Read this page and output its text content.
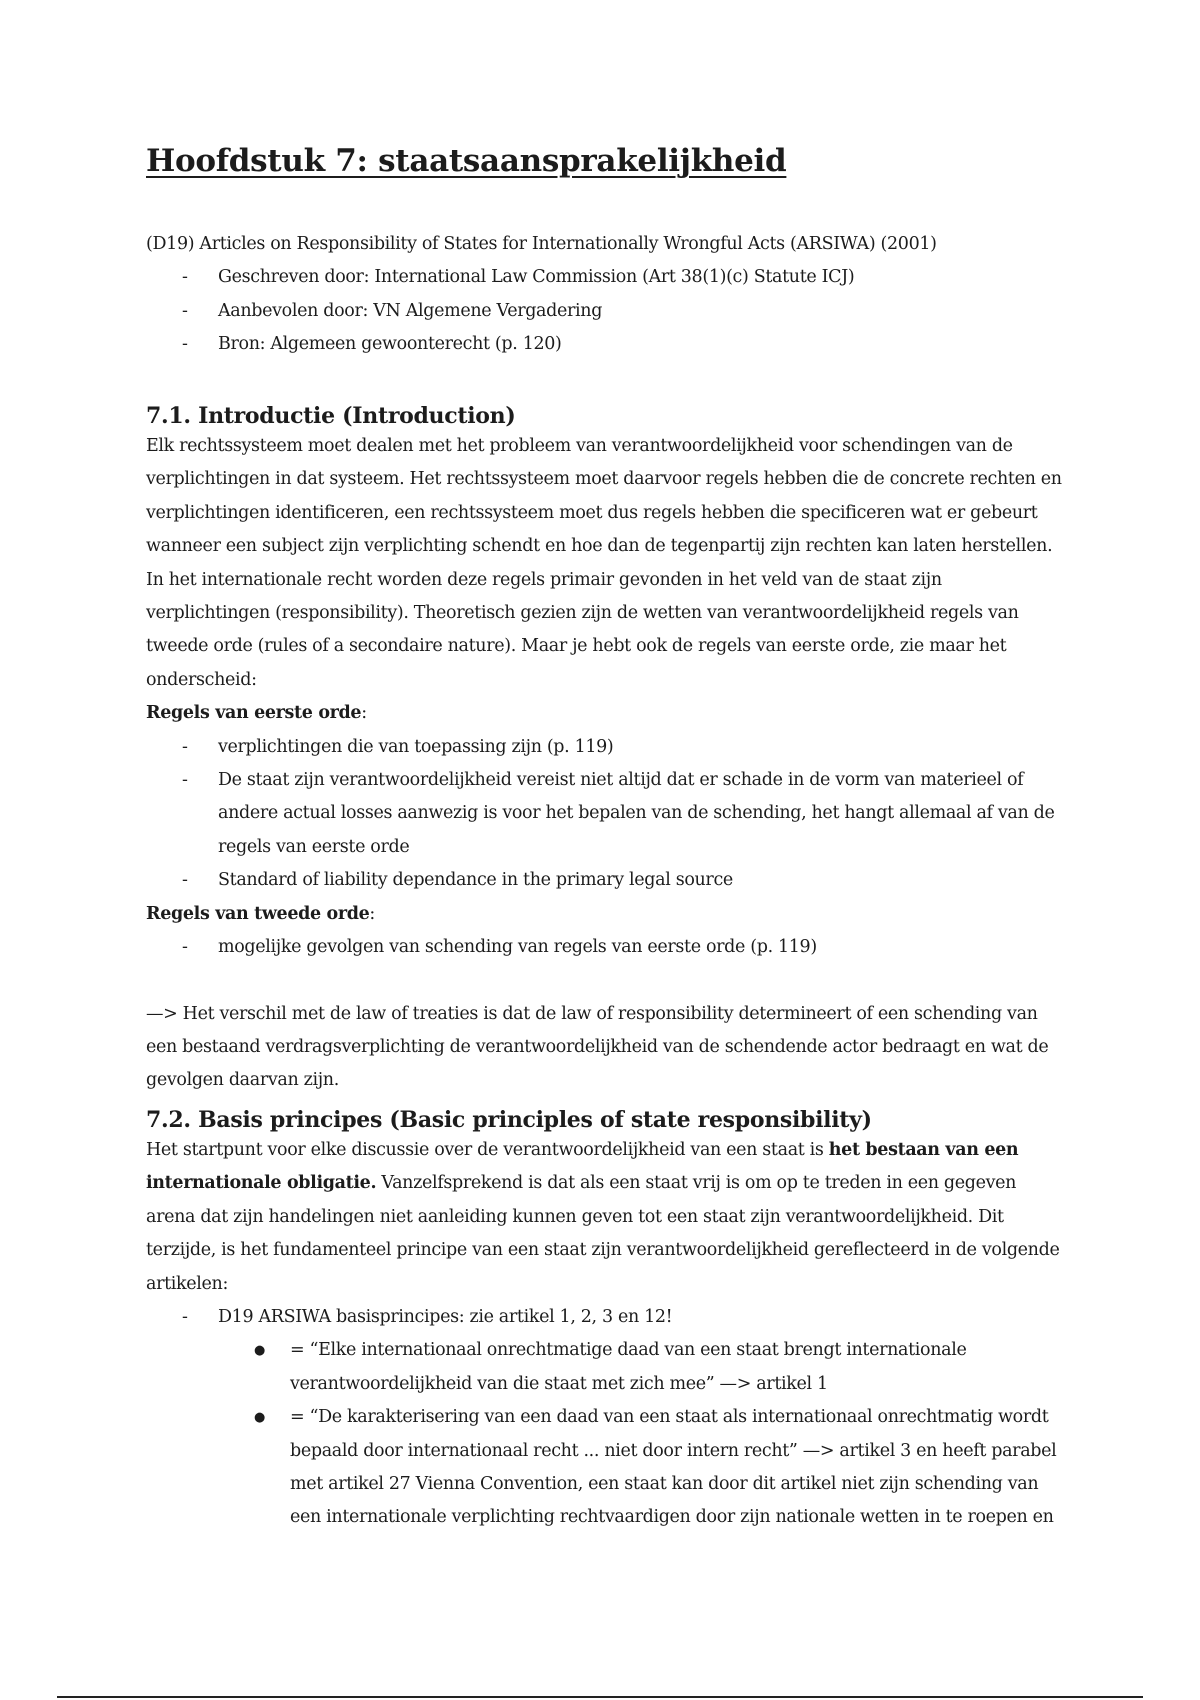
Hoofdstuk 7: staatsaansprakelijkheid
(D19) Articles on Responsibility of States for Internationally Wrongful Acts (ARSIWA) (2001)
- Geschreven door: International Law Commission (Art 38(1)(c) Statute ICJ)
- Aanbevolen door: VN Algemene Vergadering
- Bron: Algemeen gewoonterecht (p. 120)
7.1. Introductie (Introduction)

Elk rechtssysteem moet dealen met het probleem van verantwoordelijkheid voor schendingen van de verplichtingen in dat systeem. Het rechtssysteem moet daarvoor regels hebben die de concrete rechten en verplichtingen identificeren, een rechtssysteem moet dus regels hebben die specificeren wat er gebeurt wanneer een subject zijn verplichting schendt en hoe dan de tegenpartij zijn rechten kan laten herstellen. In het internationale recht worden deze regels primair gevonden in het veld van de staat zijn verplichtingen (responsibility). Theoretisch gezien zijn de wetten van verantwoordelijkheid regels van tweede orde (rules of a secondaire nature). Maar je hebt ook de regels van eerste orde, zie maar het onderscheid:

Regels van eerste orde:
- verplichtingen die van toepassing zijn (p. 119)
- De staat zijn verantwoordelijkheid vereist niet altijd dat er schade in de vorm van materieel of andere actual losses aanwezig is voor het bepalen van de schending, het hangt allemaal af van de regels van eerste orde
- Standard of liability dependance in the primary legal source
Regels van tweede orde:
- mogelijke gevolgen van schending van regels van eerste orde (p. 119)

—> Het verschil met de law of treaties is dat de law of responsibility determineert of een schending van een bestaand verdragsverplichting de verantwoordelijkheid van de schendende actor bedraagt en wat de gevolgen daarvan zijn.

7.2. Basis principes (Basic principles of state responsibility)

Het startpunt voor elke discussie over de verantwoordelijkheid van een staat is het bestaan van een internationale obligatie. Vanzelfsprekend is dat als een staat vrij is om op te treden in een gegeven arena dat zijn handelingen niet aanleiding kunnen geven tot een staat zijn verantwoordelijkheid. Dit terzijde, is het fundamenteel principe van een staat zijn verantwoordelijkheid gereflecteerd in de volgende artikelen:

- D19 ARSIWA basisprincipes: zie artikel 1, 2, 3 en 12!
● = “Elke internationaal onrechtmatige daad van een staat brengt internationale verantwoordelijkheid van die staat met zich mee” —> artikel 1
● = “De karakterisering van een daad van een staat als internationaal onrechtmatig wordt bepaald door internationaal recht ... niet door intern recht” —> artikel 3 en heeft parabel met artikel 27 Vienna Convention, een staat kan door dit artikel niet zijn schending van een internationale verplichting rechtvaardigen door zijn nationale wetten in te roepen en
